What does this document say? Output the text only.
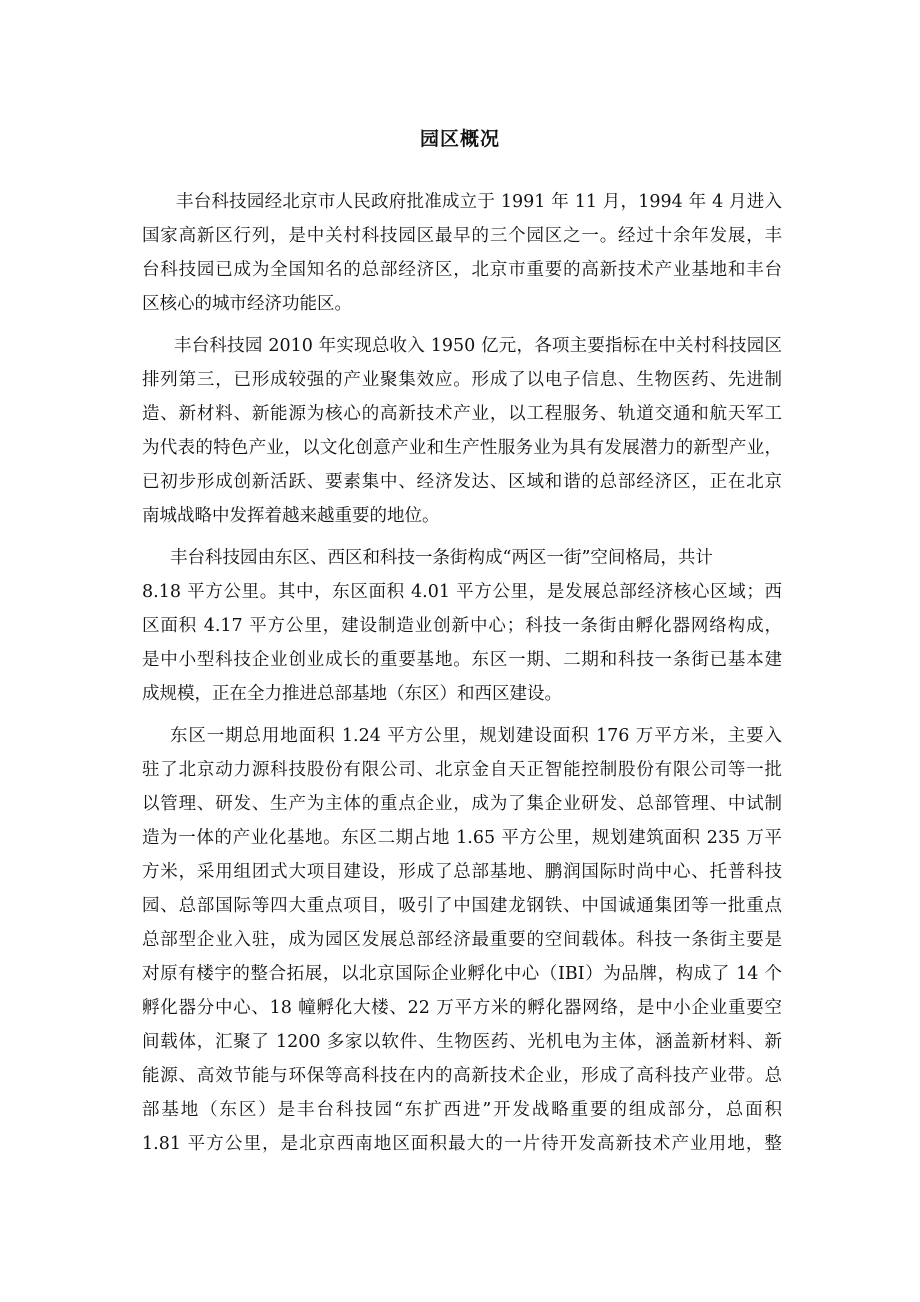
园区概况
丰台科技园经北京市人民政府批准成立于 1991 年 11 月，1994 年 4 月进入
国家高新区行列，是中关村科技园区最早的三个园区之一。经过十余年发展，丰
台科技园已成为全国知名的总部经济区，北京市重要的高新技术产业基地和丰台
区核心的城市经济功能区。
丰台科技园 2010 年实现总收入 1950 亿元，各项主要指标在中关村科技园区
排列第三，已形成较强的产业聚集效应。形成了以电子信息、生物医药、先进制
造、新材料、新能源为核心的高新技术产业，以工程服务、轨道交通和航天军工
为代表的特色产业，以文化创意产业和生产性服务业为具有发展潜力的新型产业，
已初步形成创新活跃、要素集中、经济发达、区域和谐的总部经济区，正在北京
南城战略中发挥着越来越重要的地位。
丰台科技园由东区、西区和科技一条街构成“两区一街”空间格局，共计
8.18 平方公里。其中，东区面积 4.01 平方公里，是发展总部经济核心区域；西
区面积 4.17 平方公里，建设制造业创新中心；科技一条街由孵化器网络构成，
是中小型科技企业创业成长的重要基地。东区一期、二期和科技一条街已基本建
成规模，正在全力推进总部基地（东区）和西区建设。
东区一期总用地面积 1.24 平方公里，规划建设面积 176 万平方米，主要入
驻了北京动力源科技股份有限公司、北京金自天正智能控制股份有限公司等一批
以管理、研发、生产为主体的重点企业，成为了集企业研发、总部管理、中试制
造为一体的产业化基地。东区二期占地 1.65 平方公里，规划建筑面积 235 万平
方米，采用组团式大项目建设，形成了总部基地、鹏润国际时尚中心、托普科技
园、总部国际等四大重点项目，吸引了中国建龙钢铁、中国诚通集团等一批重点
总部型企业入驻，成为园区发展总部经济最重要的空间载体。科技一条街主要是
对原有楼宇的整合拓展，以北京国际企业孵化中心（IBI）为品牌，构成了 14 个
孵化器分中心、18 幢孵化大楼、22 万平方米的孵化器网络，是中小企业重要空
间载体，汇聚了 1200 多家以软件、生物医药、光机电为主体，涵盖新材料、新
能源、高效节能与环保等高科技在内的高新技术企业，形成了高科技产业带。总
部基地（东区）是丰台科技园“东扩西进”开发战略重要的组成部分，总面积
1.81 平方公里，是北京西南地区面积最大的一片待开发高新技术产业用地，整
